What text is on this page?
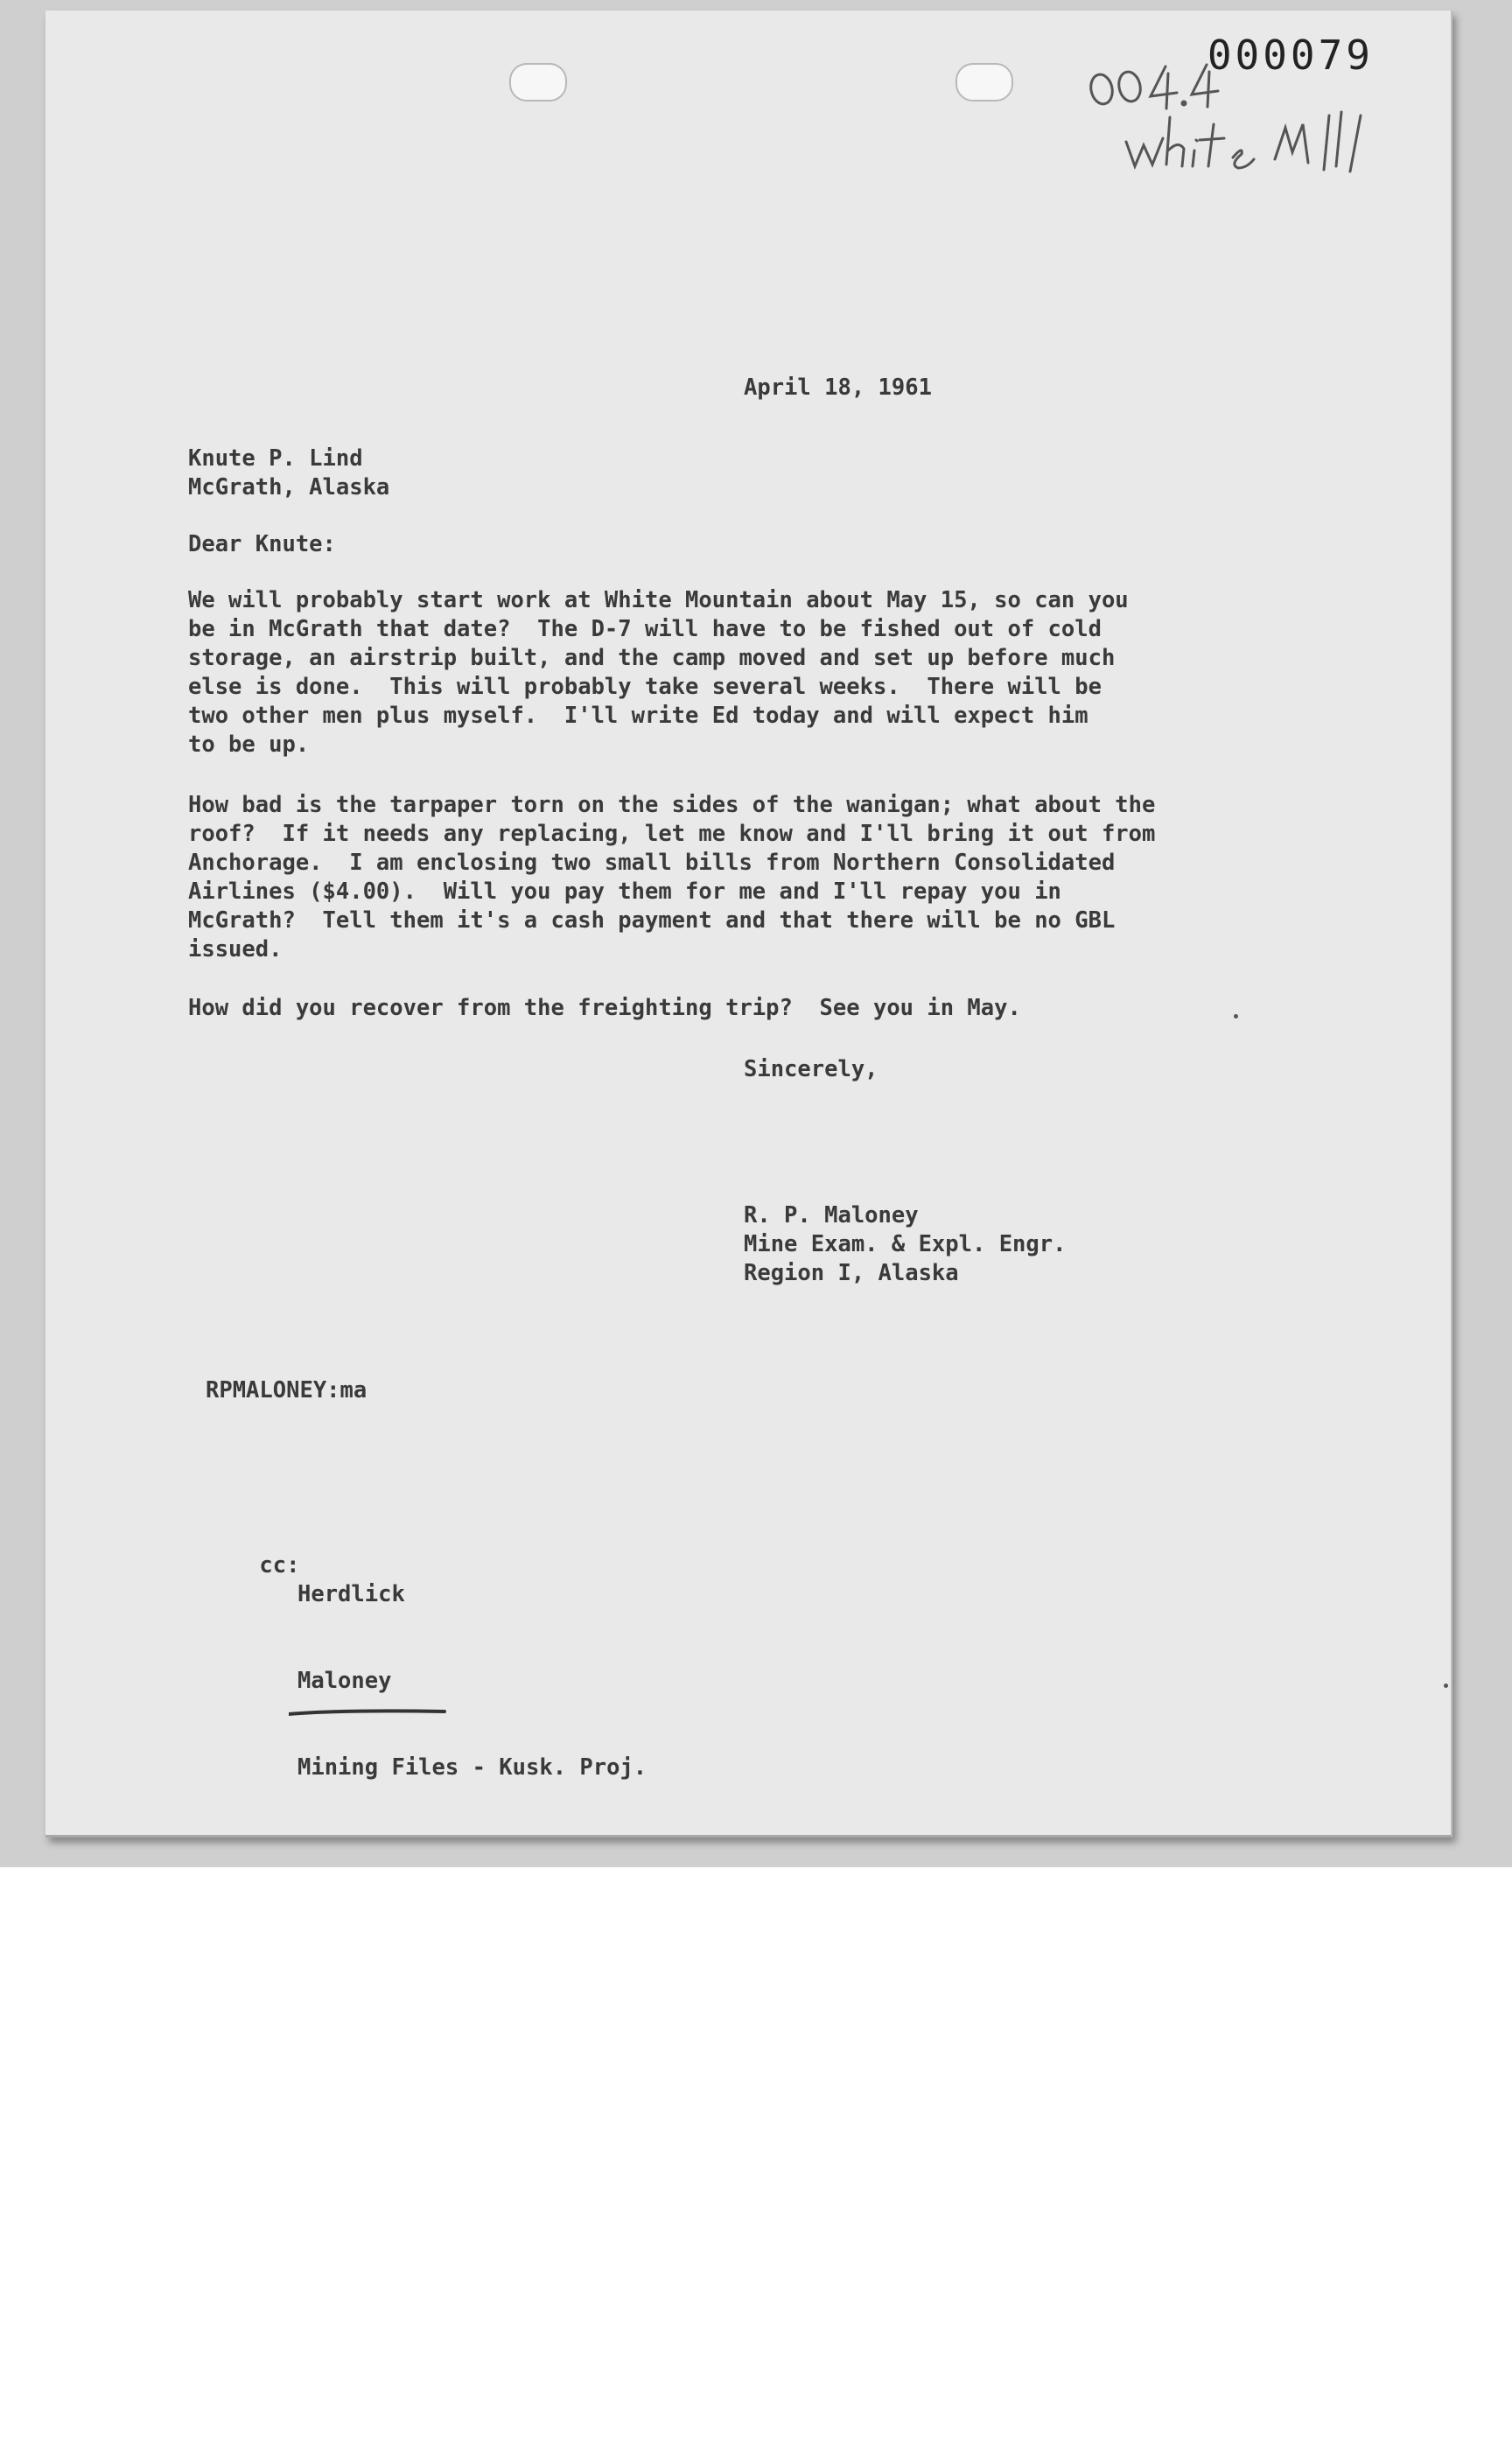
000079
April 18, 1961
Knute P. Lind
McGrath, Alaska
Dear Knute:
We will probably start work at White Mountain about May 15, so can you
be in McGrath that date?  The D-7 will have to be fished out of cold
storage, an airstrip built, and the camp moved and set up before much
else is done.  This will probably take several weeks.  There will be
two other men plus myself.  I'll write Ed today and will expect him
to be up.
How bad is the tarpaper torn on the sides of the wanigan; what about the
roof?  If it needs any replacing, let me know and I'll bring it out from
Anchorage.  I am enclosing two small bills from Northern Consolidated
Airlines ($4.00).  Will you pay them for me and I'll repay you in
McGrath?  Tell them it's a cash payment and that there will be no GBL
issued.
How did you recover from the freighting trip?  See you in May.
Sincerely,
R. P. Maloney
Mine Exam. & Expl. Engr.
Region I, Alaska
RPMALONEY:ma

cc:

Herdlick

Maloney

Mining Files - Kusk. Proj.
